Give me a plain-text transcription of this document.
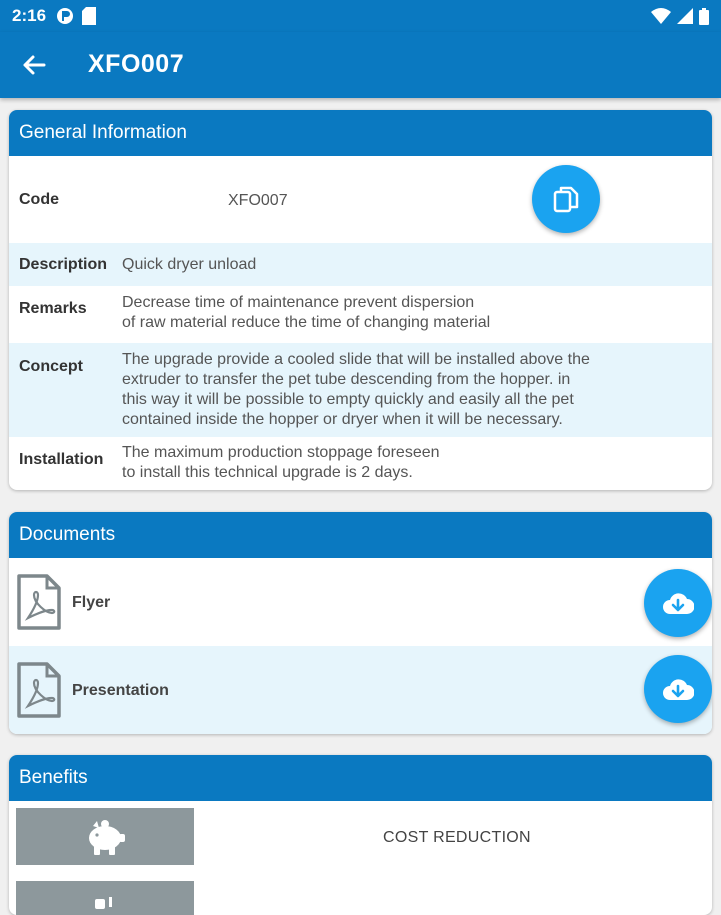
2:16
XFO007
General Information
Code	XFO007
Description Quick dryer unload
Remarks Decrease time of maintenance prevent dispersion
of raw material reduce the time of changing material
Concept The upgrade provide a cooled slide that will be installed above the
extruder to transfer the pet tube descending from the hopper. in
this way it will be possible to empty quickly and easily all the pet
contained inside the hopper or dryer when it will be necessary.
Installation The maximum production stoppage foreseen
to install this technical upgrade is 2 days.
Documents
Flyer
Presentation
Benefits
COST REDUCTION
